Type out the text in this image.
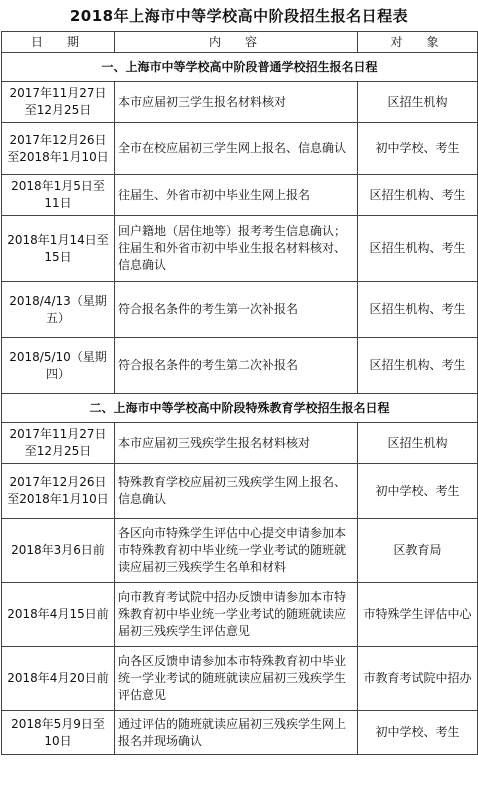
2018年上海市中等学校高中阶段招生报名日程表
日　期	内　容	对　象
一、上海市中等学校高中阶段普通学校招生报名日程		
2017年11月27日至12月25日	本市应届初三学生报名材料核对	区招生机构
2017年12月26日至2018年1月10日	全市在校应届初三学生网上报名、信息确认	初中学校、考生
2018年1月5日至11日	往届生、外省市初中毕业生网上报名	区招生机构、考生
2018年1月14日至15日	回户籍地（居住地等）报考考生信息确认；往届生和外省市初中毕业生报名材料核对、信息确认	区招生机构、考生
2018/4/13（星期五）	符合报名条件的考生第一次补报名	区招生机构、考生
2018/5/10（星期四）	符合报名条件的考生第二次补报名	区招生机构、考生
二、上海市中等学校高中阶段特殊教育学校招生报名日程		
2017年11月27日至12月25日	本市应届初三残疾学生报名材料核对	区招生机构
2017年12月26日至2018年1月10日	特殊教育学校应届初三残疾学生网上报名、信息确认	初中学校、考生
2018年3月6日前	各区向市特殊学生评估中心提交申请参加本市特殊教育初中毕业统一学业考试的随班就读应届初三残疾学生名单和材料	区教育局
2018年4月15日前	向市教育考试院中招办反馈申请参加本市特殊教育初中毕业统一学业考试的随班就读应届初三残疾学生评估意见	市特殊学生评估中心
2018年4月20日前	向各区反馈申请参加本市特殊教育初中毕业统一学业考试的随班就读应届初三残疾学生评估意见	市教育考试院中招办
2018年5月9日至10日	通过评估的随班就读应届初三残疾学生网上报名并现场确认	初中学校、考生
